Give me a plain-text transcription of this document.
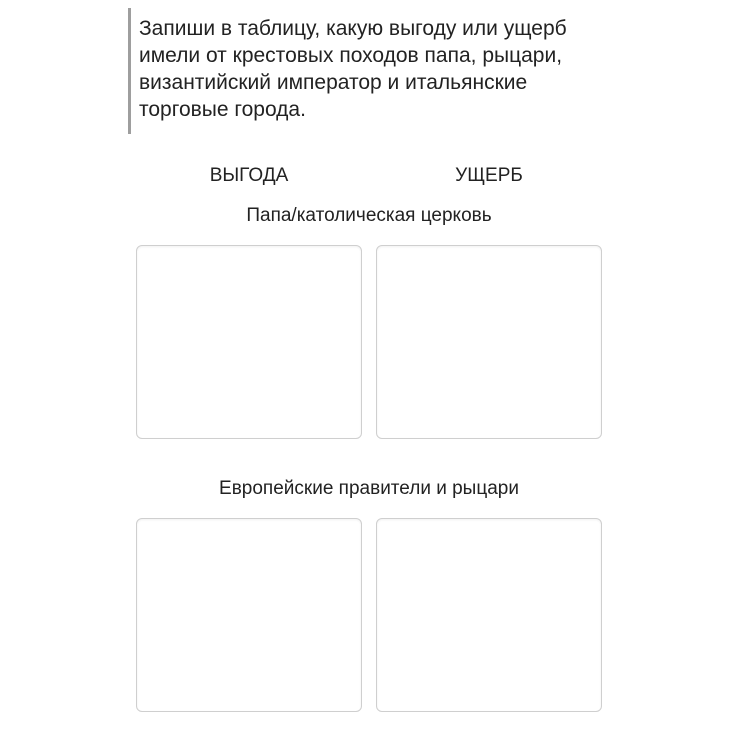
Запиши в таблицу, какую выгоду или ущерб
имели от крестовых походов папа, рыцари,
византийский император и итальянские
торговые города.

ВЫГОДА	УЩЕРБ
Папа/католическая церковь
Европейские правители и рыцари
